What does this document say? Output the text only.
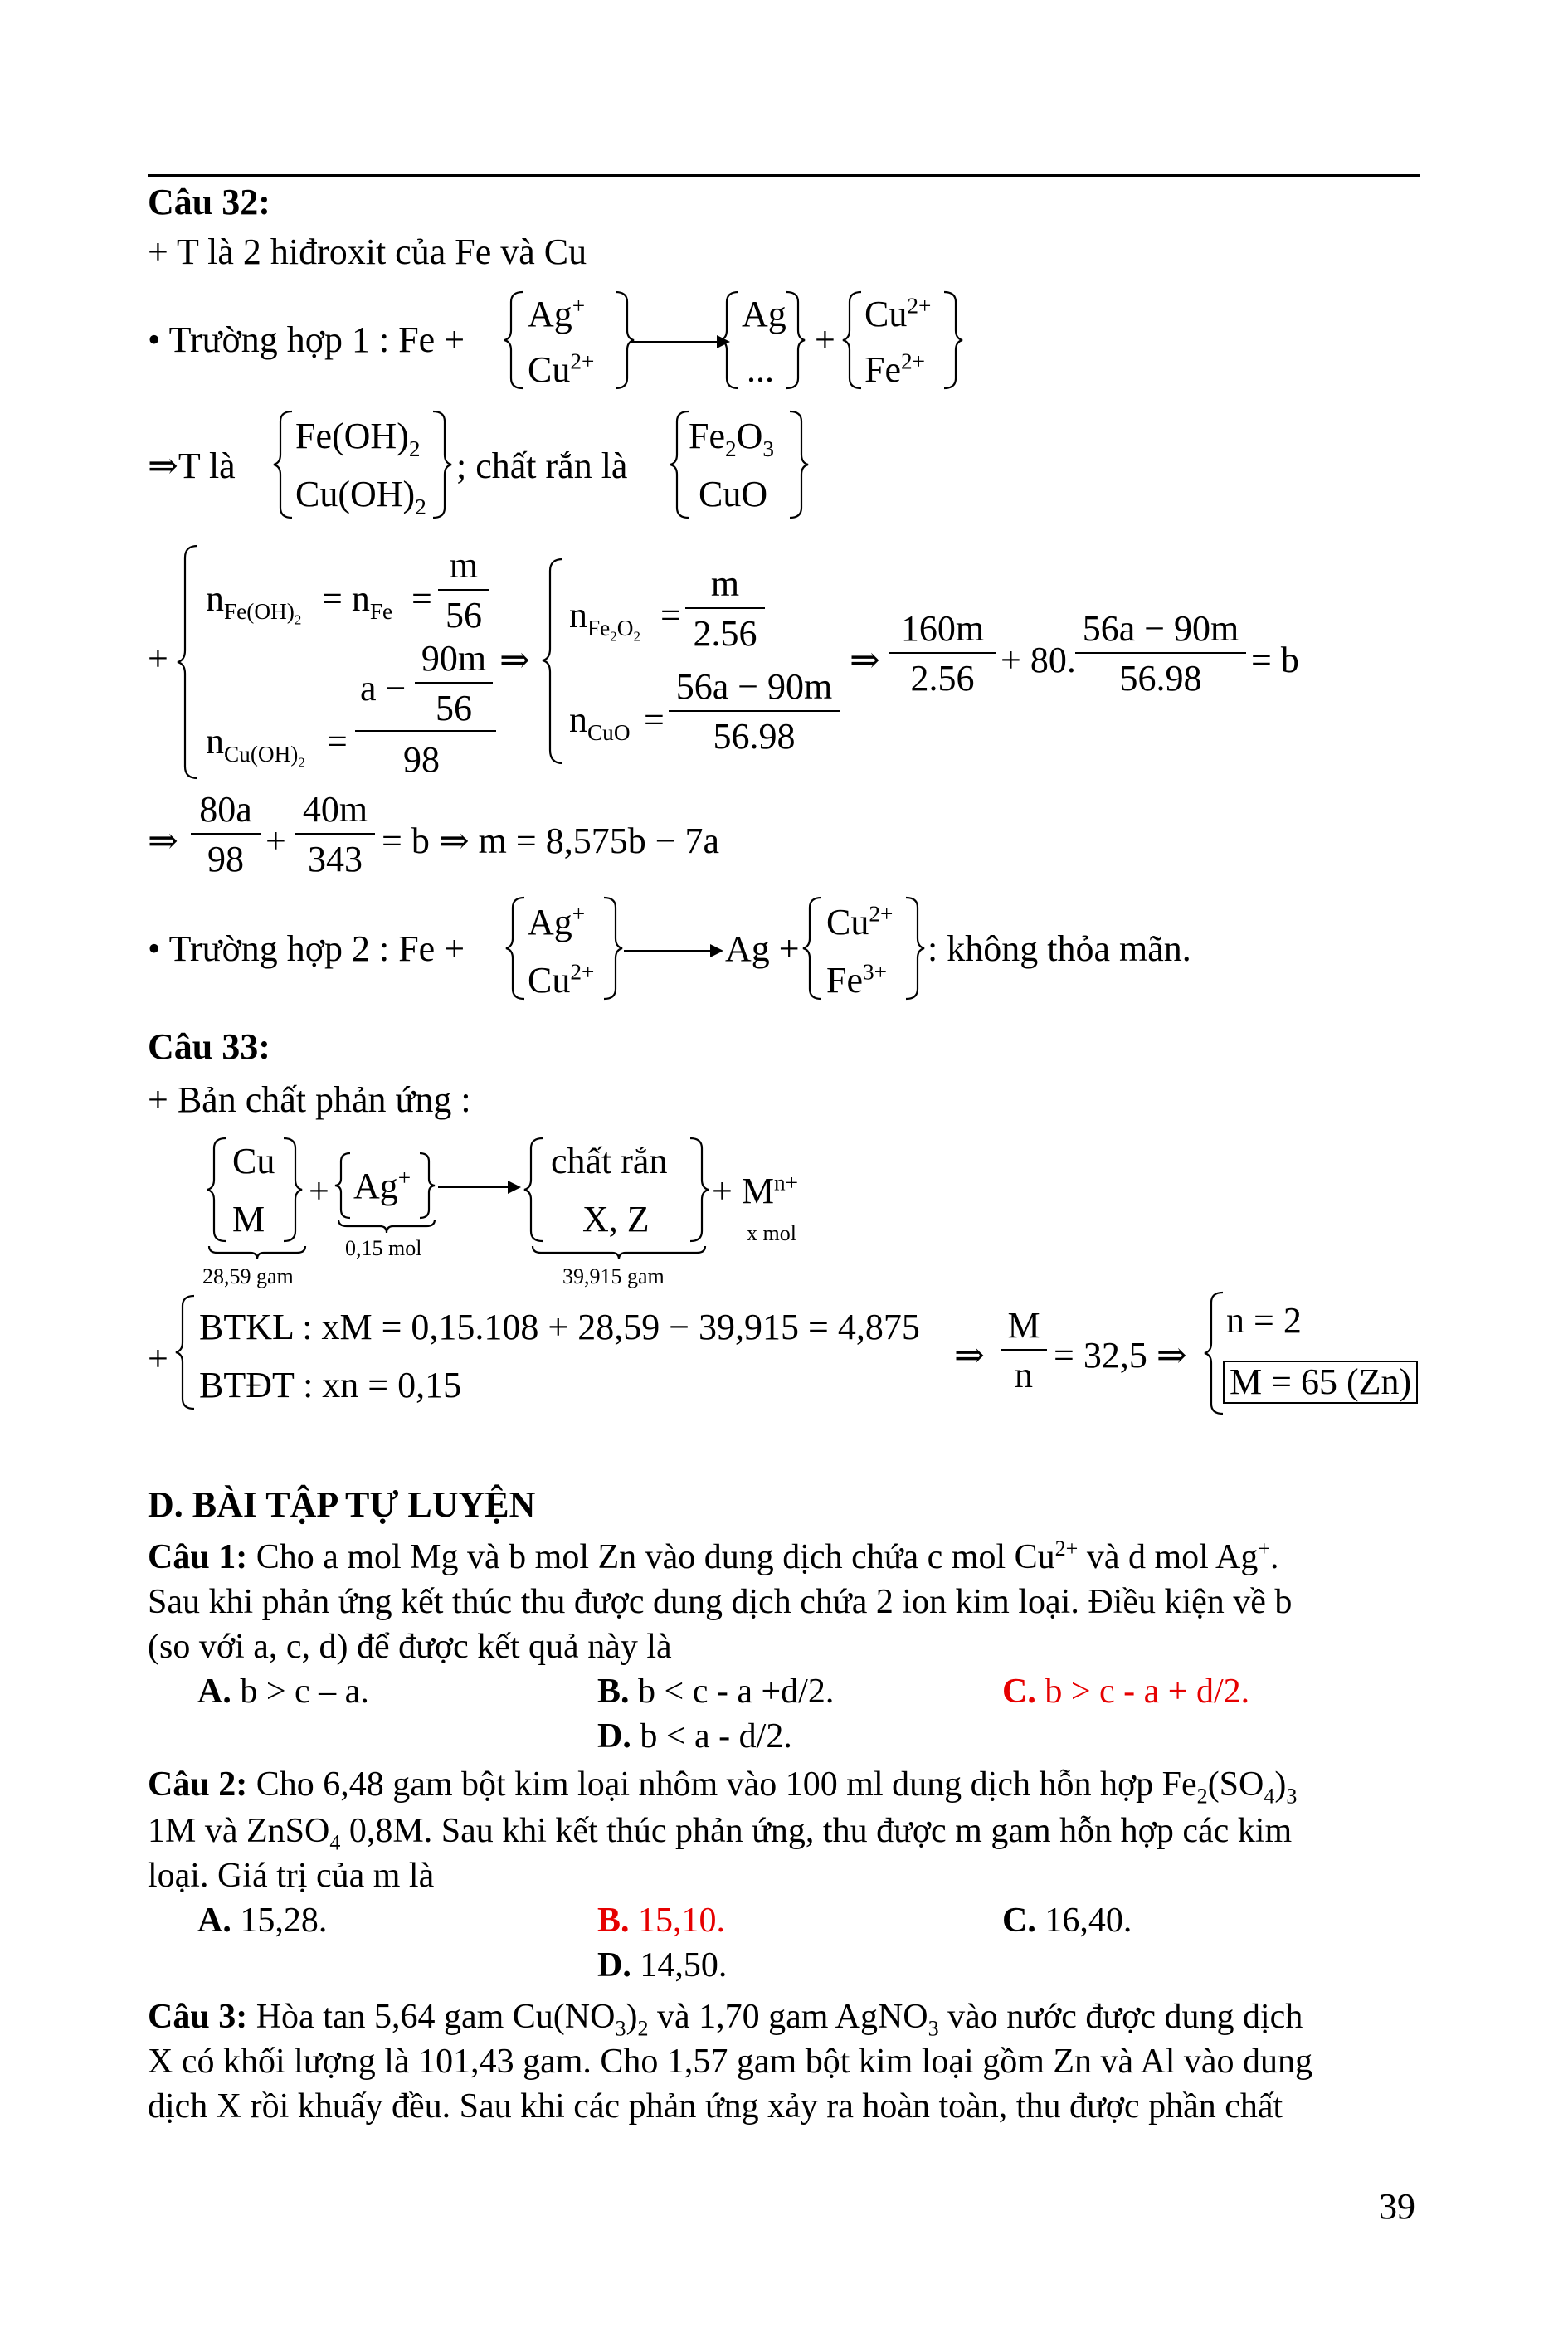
Câu 32:
+ T là 2 hiđroxit của Fe và Cu
• Trường hợp 1 : Fe +
Ag+
$Cu^{2+}$
Ag
...
+
$Cu^{2+}$
$Fe^{2+}$
⇒T là
$Fe(OH)_2$
$Cu(OH)_2$
; chất rắn là
$Fe_2O_3$
CuO
+
$n_{Fe(OH)_2}$
= $n_{Fe} = \frac{m}{56}$
$n_{Cu(OH)_2}$
=
$a - \frac{90m}{56}$
98
⇒
$n_{Fe_2O_2}$
= $\frac{m}{2.56}$
$n_{CuO} = \frac{56a - 90m}{56.98}$
⇒ $\frac{160m}{2.56} + 80$. $\frac{56a - 90m}{56.98} = b$
⇒ $\frac{80a}{98} + \frac{40m}{343} = b$ ⇒ m = 8,575b − 7a
• Trường hợp 2 : Fe +
Ag+
$Cu^{2+}$
→ Ag +
$Cu^{2+}$
$Fe^{3+}$
: không thỏa mãn.
Câu 33:
+ Bản chất phản ứng :
Cu
M
28,59 gam
+ Ag+
0,15 mol
chất rắn
X, Z
39,915 gam
+ $M^{n+}$
x mol
+
BTKL : xM = 0,15.108 + 28,59 − 39,915 = 4,875
BTĐT : xn = 0,15
⇒ $\frac{M}{n} = 32,5$ ⇒
n = 2
M = 65 (Zn)
D. BÀI TẬP TỰ LUYỆN
Câu 1: Cho a mol Mg và b mol Zn vào dung dịch chứa c mol $Cu^{2+}$ và d mol Ag+.
Sau khi phản ứng kết thúc thu được dung dịch chứa 2 ion kim loại. Điều kiện về b
(so với a, c, d) để được kết quả này là
A. b > c – a.	B. b < c - a +d/2.	C. b > c - a + d/2.
D. b < a - d/2.
Câu 2: Cho 6,48 gam bột kim loại nhôm vào 100 ml dung dịch hỗn hợp $Fe_2(SO_4)_3$
1M và ZnSO$_4$ 0,8M. Sau khi kết thúc phản ứng, thu được m gam hỗn hợp các kim
loại. Giá trị của m là
A. 15,28.	B. 15,10.	C. 16,40.
D. 14,50.
Câu 3: Hòa tan 5,64 gam $Cu(NO_3)_2$ và 1,70 gam AgNO$_3$ vào nước được dung dịch
X có khối lượng là 101,43 gam. Cho 1,57 gam bột kim loại gồm Zn và Al vào dung
dịch X rồi khuấy đều. Sau khi các phản ứng xảy ra hoàn toàn, thu được phần chất
39
